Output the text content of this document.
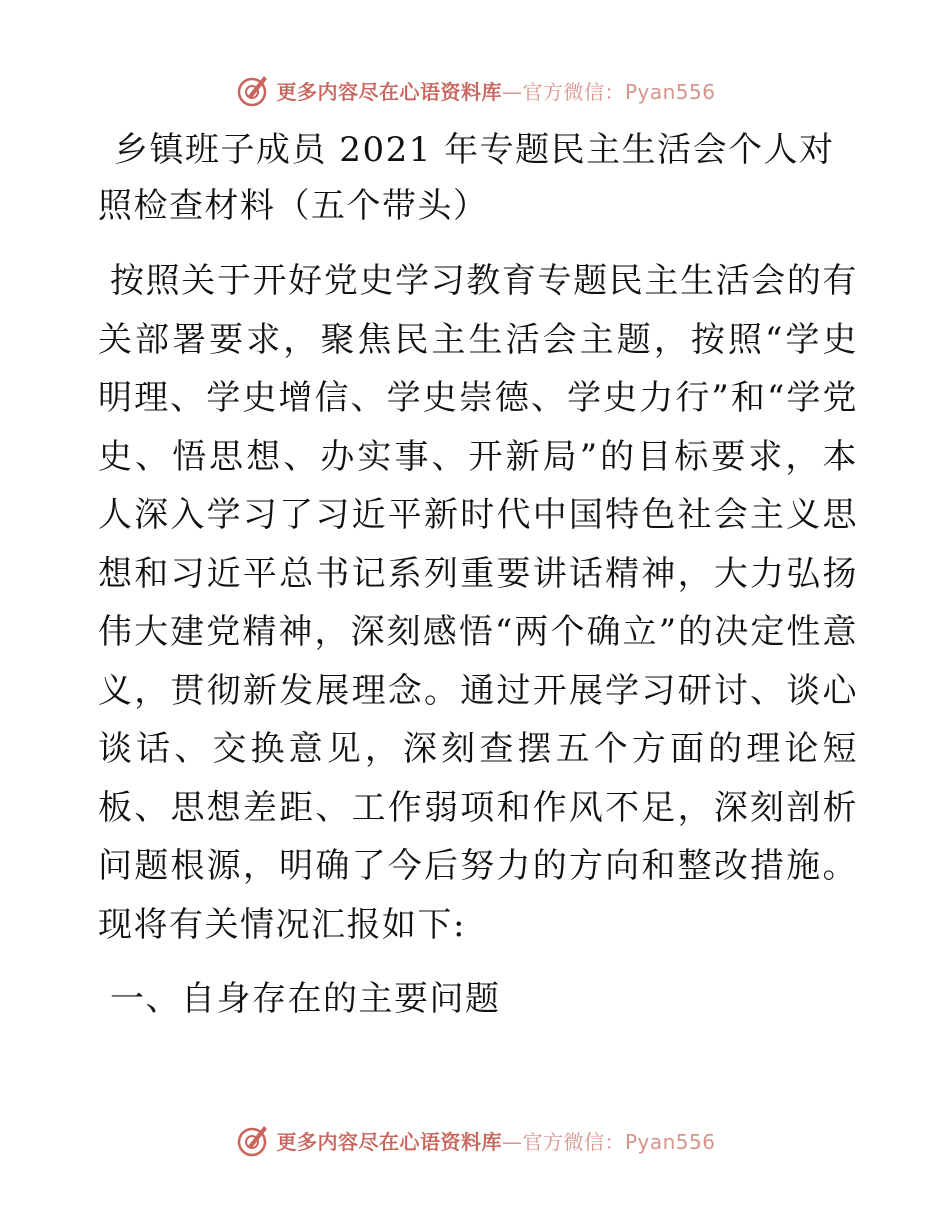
更多内容尽在心语资料库—官方微信：Pyan556

乡镇班子成员 2021 年专题民主生活会个人对照检查材料（五个带头）

按照关于开好党史学习教育专题民主生活会的有关部署要求，聚焦民主生活会主题，按照“学史明理、学史增信、学史崇德、学史力行”和“学党史、悟思想、办实事、开新局”的目标要求，本人深入学习了习近平新时代中国特色社会主义思想和习近平总书记系列重要讲话精神，大力弘扬伟大建党精神，深刻感悟“两个确立”的决定性意义，贯彻新发展理念。通过开展学习研讨、谈心谈话、交换意见，深刻查摆五个方面的理论短板、思想差距、工作弱项和作风不足，深刻剖析问题根源，明确了今后努力的方向和整改措施。现将有关情况汇报如下:

一、自身存在的主要问题

更多内容尽在心语资料库—官方微信：Pyan556
